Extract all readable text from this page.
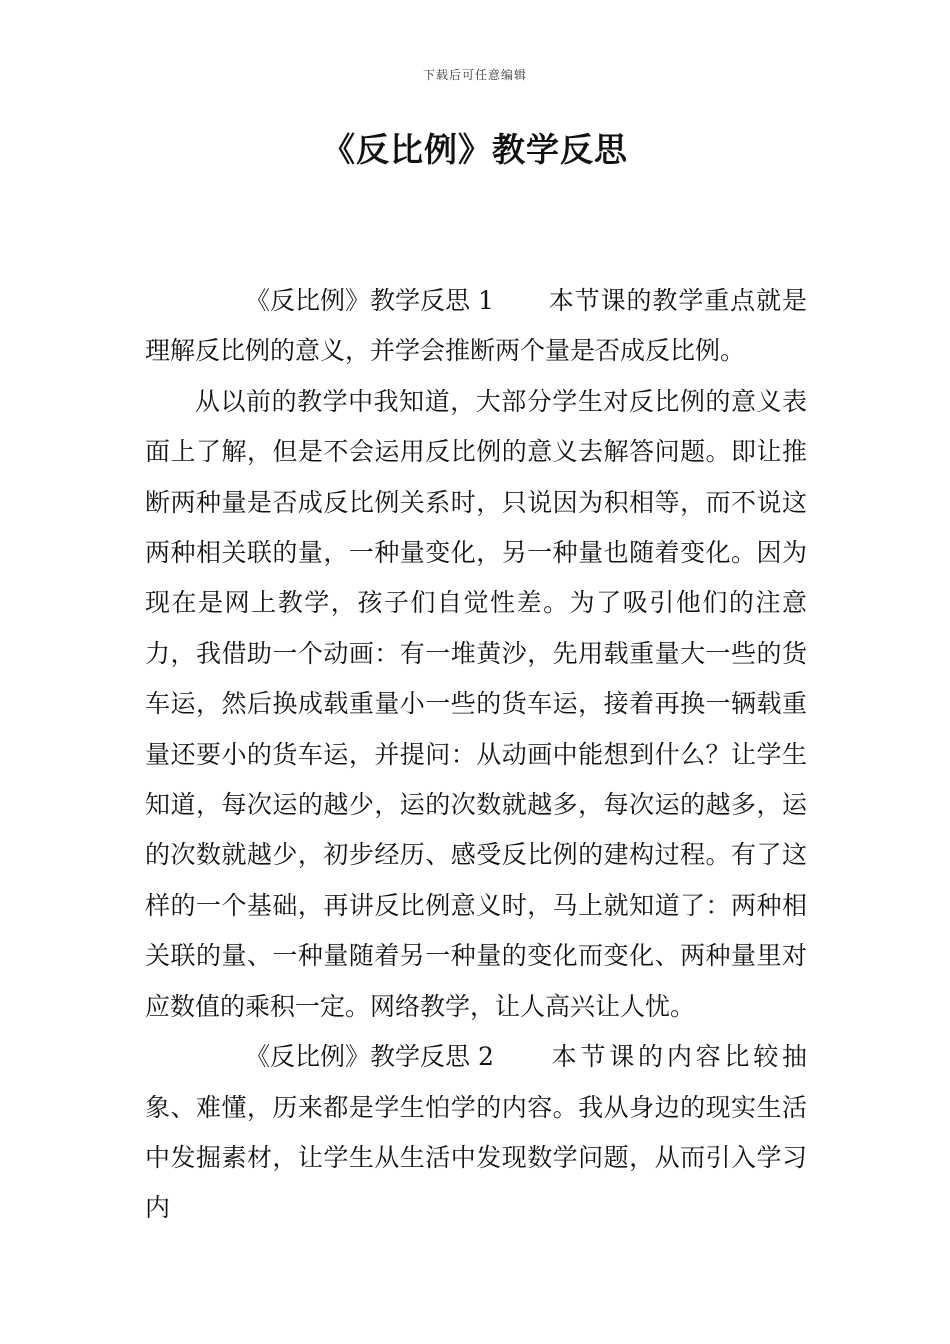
下载后可任意编辑
《反比例》教学反思

《反比例》教学反思 1 本节课的教学重点就是理解反比例的意义，并学会推断两个量是否成反比例。

从以前的教学中我知道，大部分学生对反比例的意义表面上了解，但是不会运用反比例的意义去解答问题。即让推断两种量是否成反比例关系时，只说因为积相等，而不说这两种相关联的量，一种量变化，另一种量也随着变化。因为现在是网上教学，孩子们自觉性差。为了吸引他们的注意力，我借助一个动画：有一堆黄沙，先用载重量大一些的货车运，然后换成载重量小一些的货车运，接着再换一辆载重量还要小的货车运，并提问：从动画中能想到什么？让学生知道，每次运的越少，运的次数就越多，每次运的越多，运的次数就越少，初步经历、感受反比例的建构过程。有了这样的一个基础，再讲反比例意义时，马上就知道了：两种相关联的量、一种量随着另一种量的变化而变化、两种量里对应数值的乘积一定。网络教学，让人高兴让人忧。

《反比例》教学反思 2 本节课的内容比较抽象、难懂，历来都是学生怕学的内容。我从身边的现实生活中发掘素材，让学生从生活中发现数学问题，从而引入学习内
